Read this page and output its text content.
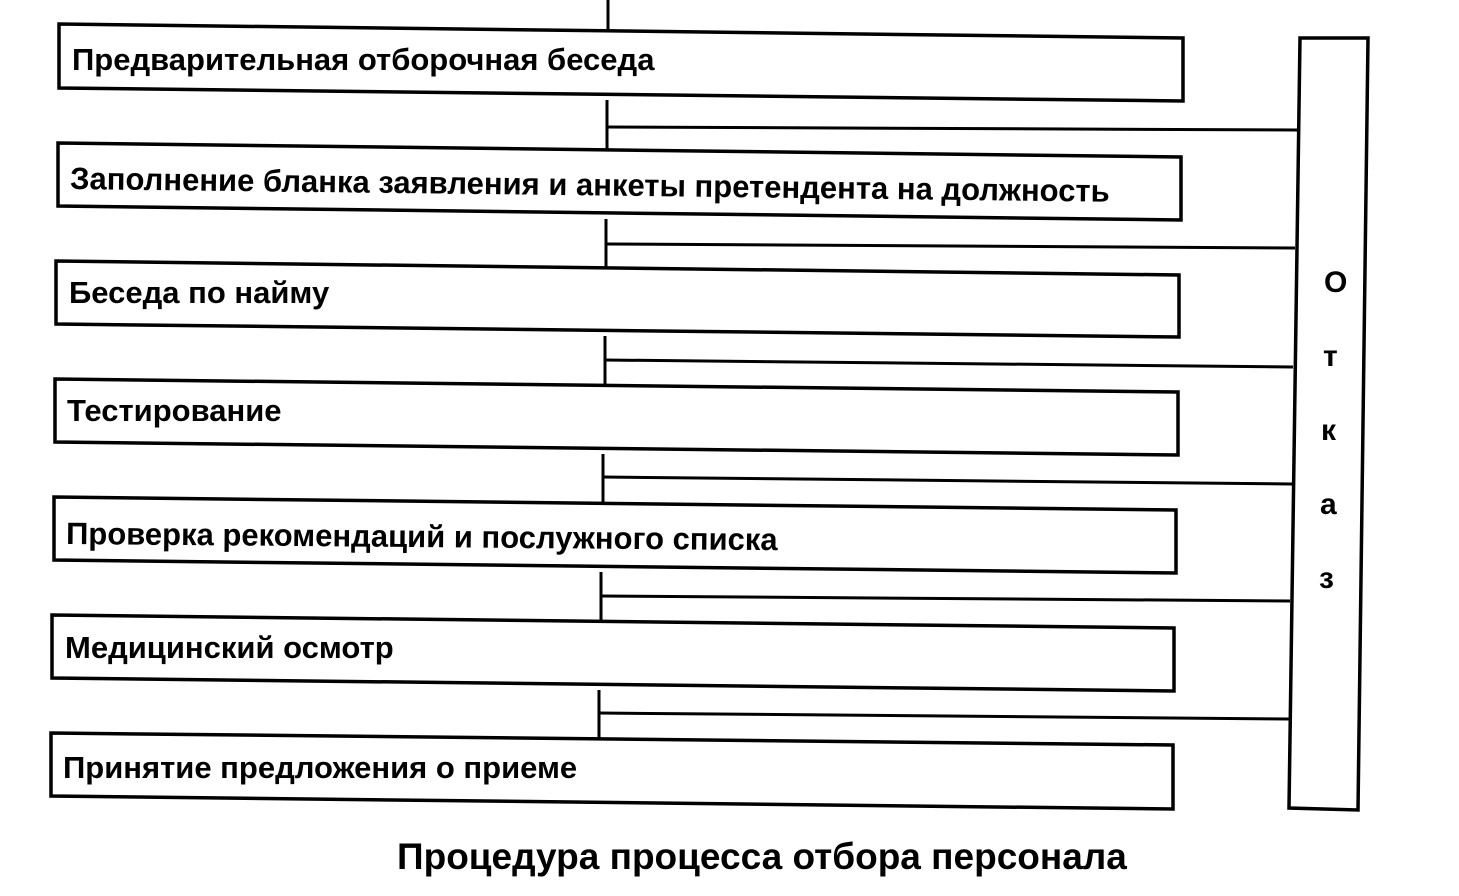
Предварительная отборочная беседа
Заполнение бланка заявления и анкеты претендента на должность
Беседа по найму
Тестирование
Проверка рекомендаций и послужного списка
Медицинский осмотр
Принятие предложения о приеме
О
т
к
а
з
Процедура процесса отбора персонала
